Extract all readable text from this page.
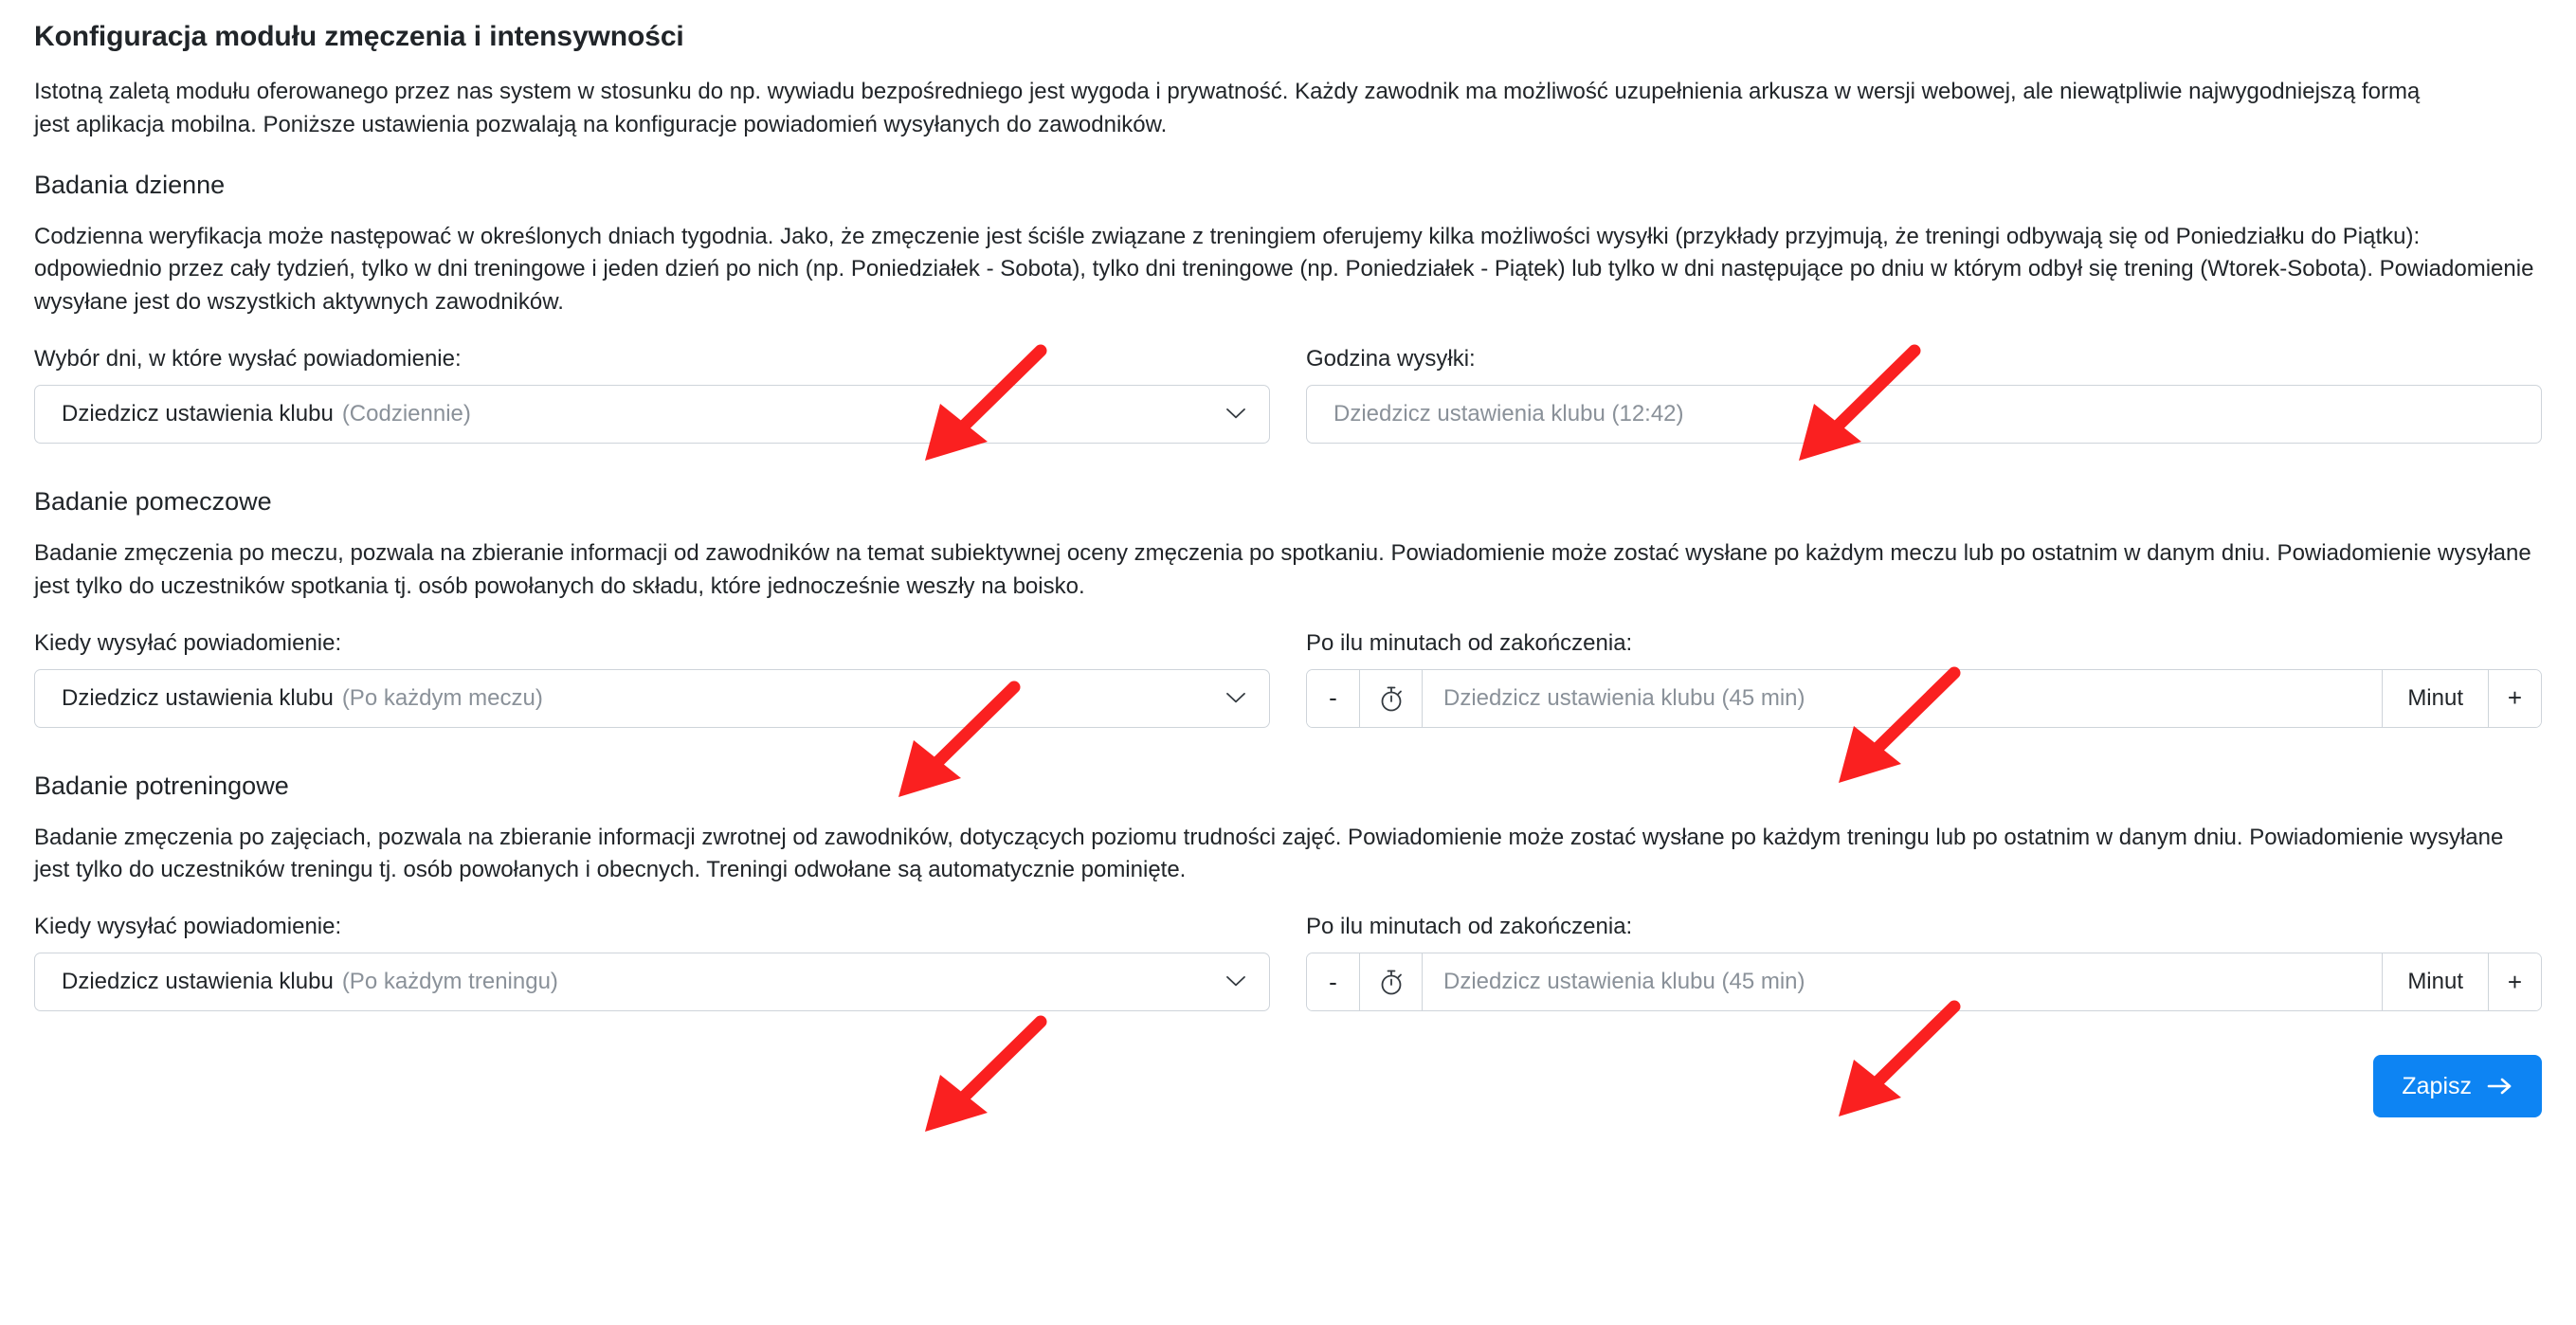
Konfiguracja modułu zmęczenia i intensywności

Istotną zaletą modułu oferowanego przez nas system w stosunku do np. wywiadu bezpośredniego jest wygoda i prywatność. Każdy zawodnik ma możliwość uzupełnienia arkusza w wersji webowej, ale niewątpliwie najwygodniejszą formą jest aplikacja mobilna. Poniższe ustawienia pozwalają na konfiguracje powiadomień wysyłanych do zawodników.

Badania dzienne

Codzienna weryfikacja może następować w określonych dniach tygodnia. Jako, że zmęczenie jest ściśle związane z treningiem oferujemy kilka możliwości wysyłki (przykłady przyjmują, że treningi odbywają się od Poniedziałku do Piątku): odpowiednio przez cały tydzień, tylko w dni treningowe i jeden dzień po nich (np. Poniedziałek - Sobota), tylko dni treningowe (np. Poniedziałek - Piątek) lub tylko w dni następujące po dniu w którym odbył się trening (Wtorek-Sobota). Powiadomienie wysyłane jest do wszystkich aktywnych zawodników.

Wybór dni, w które wysłać powiadomienie:
Dziedzicz ustawienia klubu (Codziennie)
Godzina wysyłki:
Dziedzicz ustawienia klubu (12:42)
Badanie pomeczowe

Badanie zmęczenia po meczu, pozwala na zbieranie informacji od zawodników na temat subiektywnej oceny zmęczenia po spotkaniu. Powiadomienie może zostać wysłane po każdym meczu lub po ostatnim w danym dniu. Powiadomienie wysyłane jest tylko do uczestników spotkania tj. osób powołanych do składu, które jednocześnie weszły na boisko.

Kiedy wysyłać powiadomienie:
Dziedzicz ustawienia klubu (Po każdym meczu)
Po ilu minutach od zakończenia:
-
Dziedzicz ustawienia klubu (45 min)	Minut	+
Badanie potreningowe

Badanie zmęczenia po zajęciach, pozwala na zbieranie informacji zwrotnej od zawodników, dotyczących poziomu trudności zajęć. Powiadomienie może zostać wysłane po każdym treningu lub po ostatnim w danym dniu. Powiadomienie wysyłane jest tylko do uczestników treningu tj. osób powołanych i obecnych. Treningi odwołane są automatycznie pominięte.

Kiedy wysyłać powiadomienie:
Dziedzicz ustawienia klubu (Po każdym treningu)
Po ilu minutach od zakończenia:
-
Dziedzicz ustawienia klubu (45 min)	Minut	+
Zapisz
